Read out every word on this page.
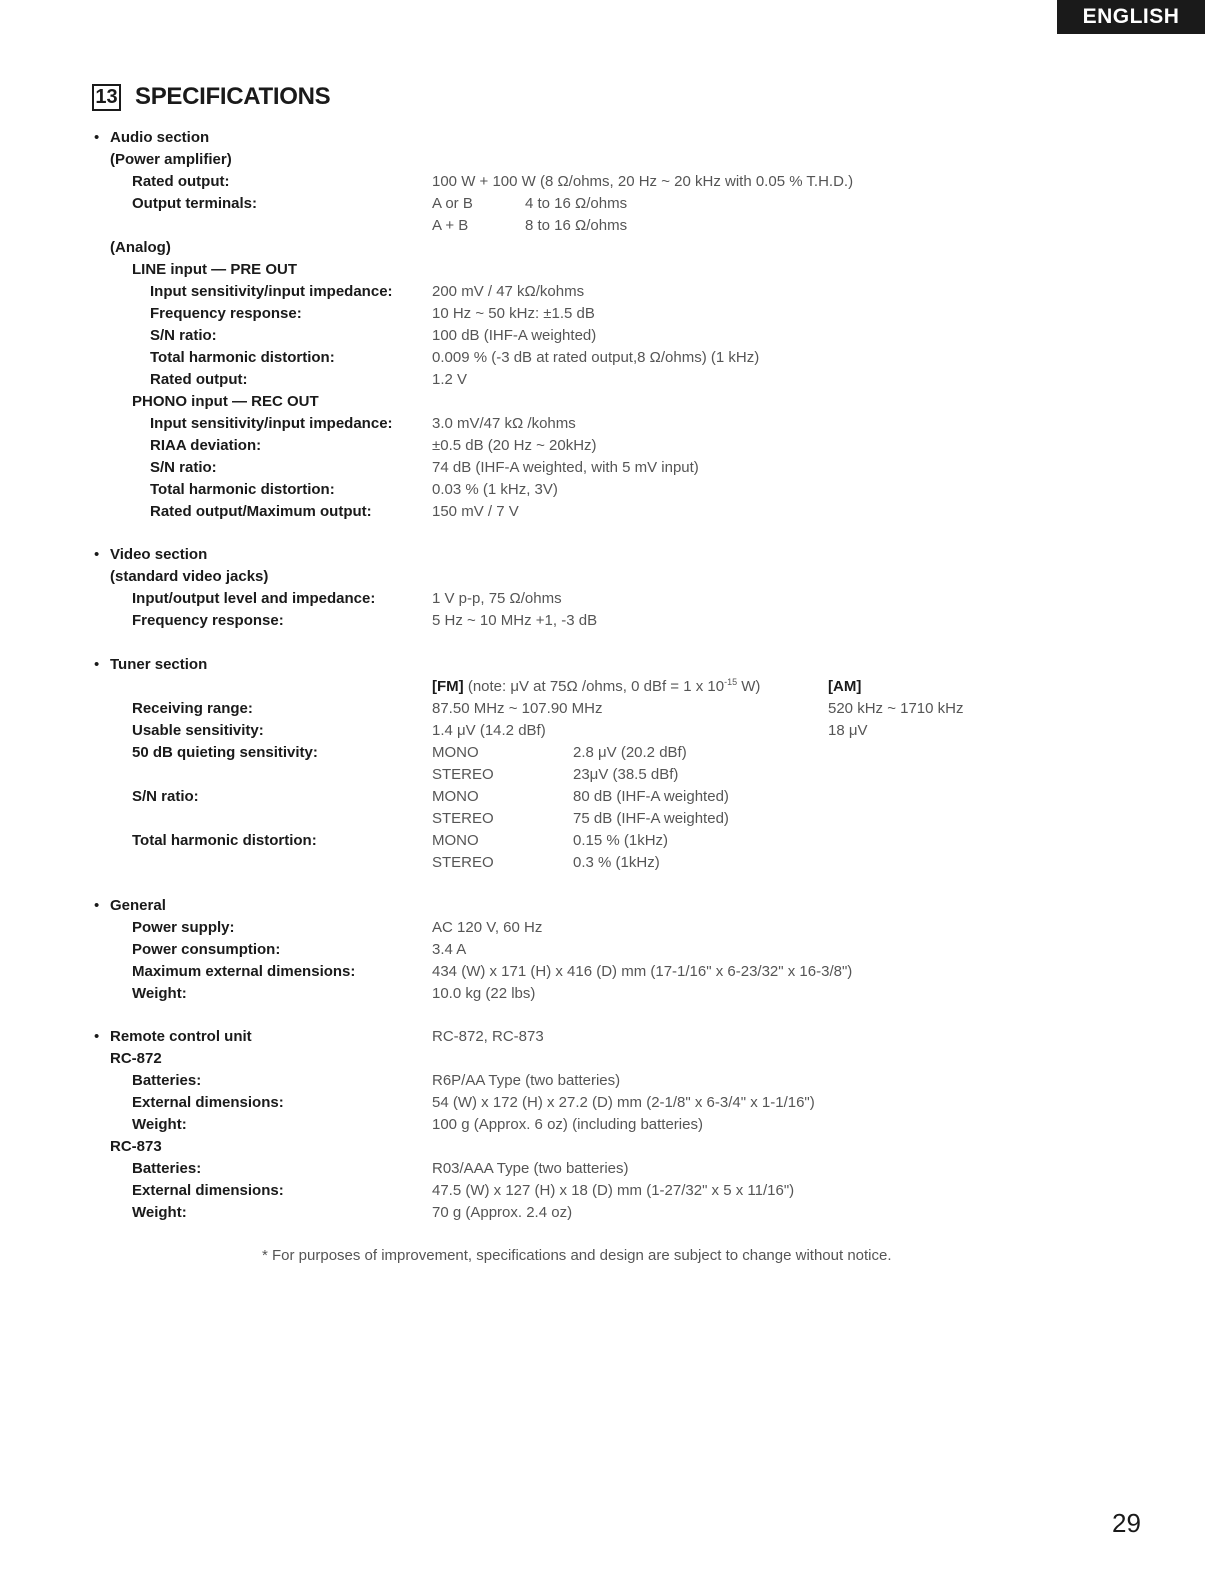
ENGLISH
13 SPECIFICATIONS
• Audio section
(Power amplifier)
Rated output:	100 W + 100 W (8 Ω/ohms, 20 Hz ~ 20 kHz with 0.05 % T.H.D.)
Output terminals:	A or B	4 to 16 Ω/ohms
A + B	8 to 16 Ω/ohms
(Analog)
LINE input — PRE OUT
Input sensitivity/input impedance:	200 mV / 47 kΩ/kohms
Frequency response:	10 Hz ~ 50 kHz: ±1.5 dB
S/N ratio:	100 dB (IHF-A weighted)
Total harmonic distortion:	0.009 % (-3 dB at rated output,8 Ω/ohms) (1 kHz)
Rated output:	1.2 V
PHONO input — REC OUT
Input sensitivity/input impedance:	3.0 mV/47 kΩ /kohms
RIAA deviation:	±0.5 dB (20 Hz ~ 20kHz)
S/N ratio:	74 dB (IHF-A weighted, with 5 mV input)
Total harmonic distortion:	0.03 % (1 kHz, 3V)
Rated output/Maximum output:	150 mV / 7 V
• Video section
(standard video jacks)
Input/output level and impedance:	1 V p-p, 75 Ω/ohms
Frequency response:	5 Hz ~ 10 MHz +1, -3 dB
• Tuner section
[FM] (note: μV at 75Ω /ohms, 0 dBf = 1 x $10^{-15}$ W)	[AM]
Receiving range:	87.50 MHz ~ 107.90 MHz	520 kHz ~ 1710 kHz
Usable sensitivity:	1.4 μV (14.2 dBf)	18 μV
50 dB quieting sensitivity:	MONO	2.8 μV (20.2 dBf)
STEREO	23μV (38.5 dBf)
S/N ratio:	MONO	80 dB (IHF-A weighted)
STEREO	75 dB (IHF-A weighted)
Total harmonic distortion:	MONO	0.15 % (1kHz)
STEREO	0.3 % (1kHz)
• General
Power supply:	AC 120 V, 60 Hz
Power consumption:	3.4 A
Maximum external dimensions:	434 (W) x 171 (H) x 416 (D) mm (17-1/16" x 6-23/32" x 16-3/8")
Weight:	10.0 kg (22 lbs)
• Remote control unit	RC-872, RC-873
RC-872
Batteries:	R6P/AA Type (two batteries)
External dimensions:	54 (W) x 172 (H) x 27.2 (D) mm (2-1/8" x 6-3/4" x 1-1/16")
Weight:	100 g (Approx. 6 oz) (including batteries)
RC-873
Batteries:	R03/AAA Type (two batteries)
External dimensions:	47.5 (W) x 127 (H) x 18 (D) mm (1-27/32" x 5 x 11/16")
Weight:	70 g (Approx. 2.4 oz)
* For purposes of improvement, specifications and design are subject to change without notice.
29
